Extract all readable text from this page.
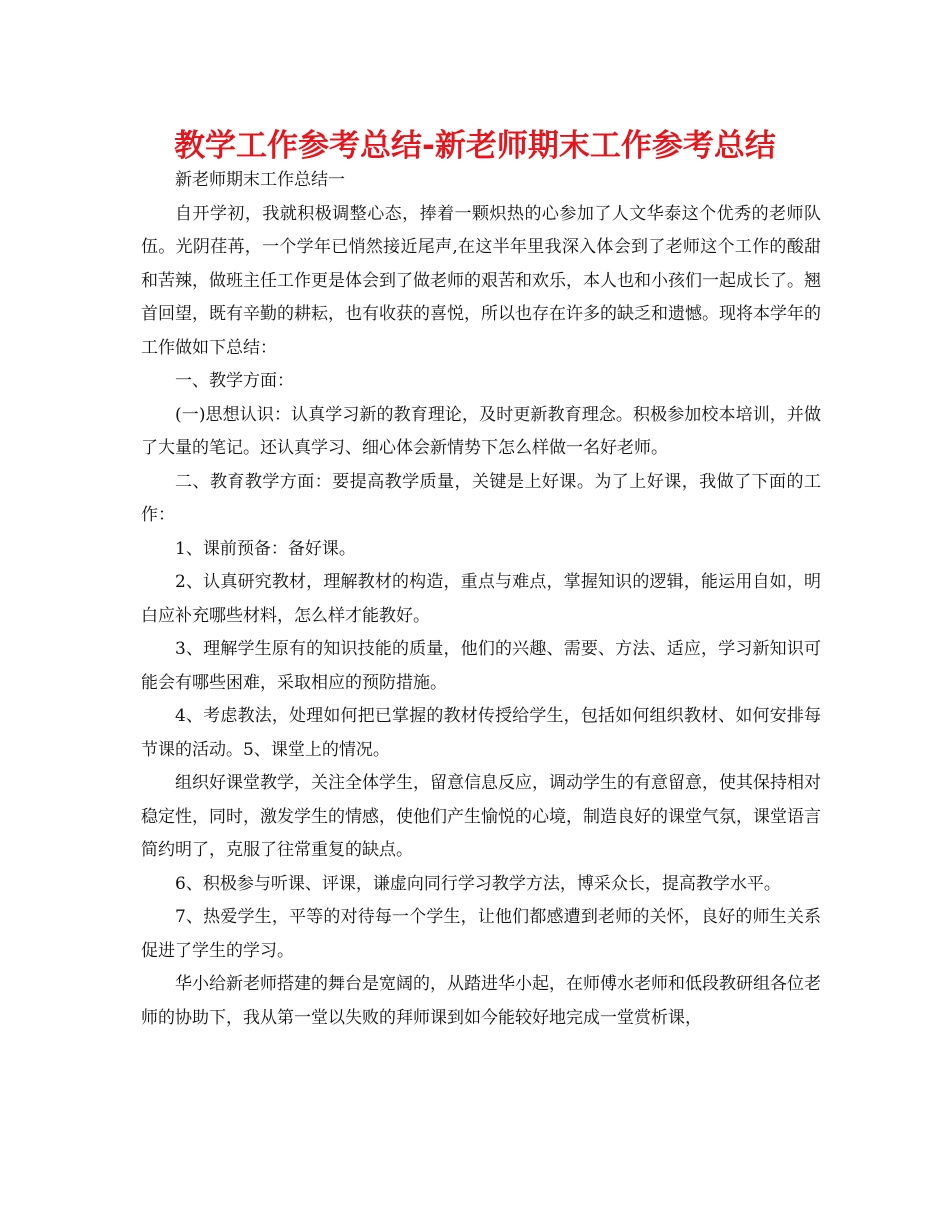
教学工作参考总结-新老师期末工作参考总结

新老师期末工作总结一

自开学初，我就积极调整心态，捧着一颗炽热的心参加了人文华泰这个优秀的老师队伍。光阴荏苒，一个学年已悄然接近尾声,在这半年里我深入体会到了老师这个工作的酸甜和苦辣，做班主任工作更是体会到了做老师的艰苦和欢乐，本人也和小孩们一起成长了。翘首回望，既有辛勤的耕耘，也有收获的喜悦，所以也存在许多的缺乏和遗憾。现将本学年的工作做如下总结：

一、教学方面：

(一)思想认识：认真学习新的教育理论，及时更新教育理念。积极参加校本培训，并做了大量的笔记。还认真学习、细心体会新情势下怎么样做一名好老师。

二、教育教学方面：要提高教学质量，关键是上好课。为了上好课，我做了下面的工作：

1、课前预备：备好课。

2、认真研究教材，理解教材的构造，重点与难点，掌握知识的逻辑，能运用自如，明白应补充哪些材料，怎么样才能教好。

3、理解学生原有的知识技能的质量，他们的兴趣、需要、方法、适应，学习新知识可能会有哪些困难，采取相应的预防措施。

4、考虑教法，处理如何把已掌握的教材传授给学生，包括如何组织教材、如何安排每节课的活动。5、课堂上的情况。

组织好课堂教学，关注全体学生，留意信息反应，调动学生的有意留意，使其保持相对稳定性，同时，激发学生的情感，使他们产生愉悦的心境，制造良好的课堂气氛，课堂语言简约明了，克服了往常重复的缺点。

6、积极参与听课、评课，谦虚向同行学习教学方法，博采众长，提高教学水平。

7、热爱学生，平等的对待每一个学生，让他们都感遭到老师的关怀，良好的师生关系促进了学生的学习。

华小给新老师搭建的舞台是宽阔的，从踏进华小起，在师傅水老师和低段教研组各位老师的协助下，我从第一堂以失败的拜师课到如今能较好地完成一堂赏析课，
